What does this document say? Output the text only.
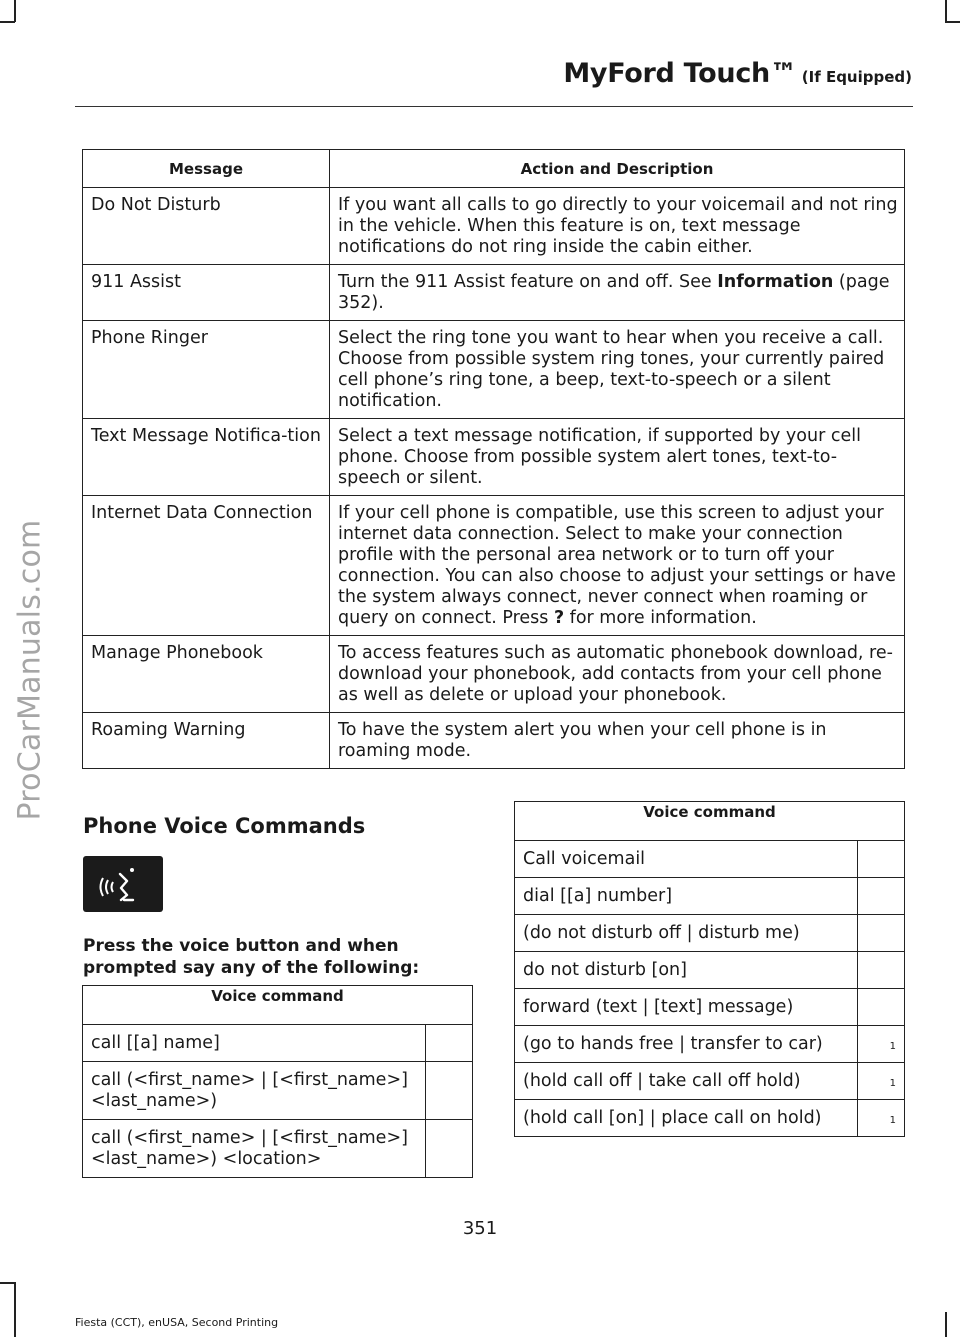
ProCarManuals.com
MyFord Touch™ (If Equipped)
Message	Action and Description
Do Not Disturb	If you want all calls to go directly to your voicemail and not ring in the vehicle. When this feature is on, text message notifications do not ring inside the cabin either.
911 Assist	Turn the 911 Assist feature on and off. See Information (page 352).
Phone Ringer	Select the ring tone you want to hear when you receive a call. Choose from possible system ring tones, your currently paired cell phone’s ring tone, a beep, text-to-speech or a silent notification.
Text Message Notifica-tion	Select a text message notification, if supported by your cell phone. Choose from possible system alert tones, text-to-speech or silent.
Internet Data Connection	If your cell phone is compatible, use this screen to adjust your internet data connection. Select to make your connection profile with the personal area network or to turn off your connection. You can also choose to adjust your settings or have the system always connect, never connect when roaming or query on connect. Press ? for more information.
Manage Phonebook	To access features such as automatic phonebook download, re-download your phonebook, add contacts from your cell phone as well as delete or upload your phonebook.
Roaming Warning	To have the system alert you when your cell phone is in roaming mode.
Phone Voice Commands
Press the voice button and when prompted say any of the following:
Voice command	
call [[a] name]	
call (<first_name> | [<first_name>] <last_name>)	
call (<first_name> | [<first_name>] <last_name>) <location>	
Voice command	
Call voicemail	
dial [[a] number]	
(do not disturb off | disturb me)	
do not disturb [on]	
forward (text | [text] message)	
(go to hands free | transfer to car)	1
(hold call off | take call off hold)	1
(hold call [on] | place call on hold)	1
351
Fiesta (CCT), enUSA, Second Printing
